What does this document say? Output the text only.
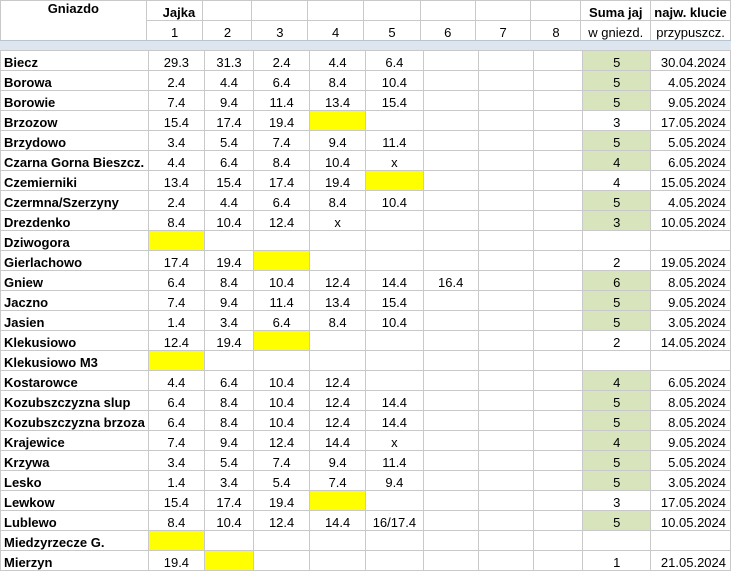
Gniazdo	Jajka								Suma jaj	najw. klucie
	1	2	3	4	5	6	7	8	w gniezd.	przypuszcz.
Biecz	29.3	31.3	2.4	4.4	6.4				5	30.04.2024
Borowa	2.4	4.4	6.4	8.4	10.4				5	4.05.2024
Borowie	7.4	9.4	11.4	13.4	15.4				5	9.05.2024
Brzozow	15.4	17.4	19.4						3	17.05.2024
Brzydowo	3.4	5.4	7.4	9.4	11.4				5	5.05.2024
Czarna Gorna Bieszcz.	4.4	6.4	8.4	10.4	x				4	6.05.2024
Czemierniki	13.4	15.4	17.4	19.4					4	15.05.2024
Czermna/Szerzyny	2.4	4.4	6.4	8.4	10.4				5	4.05.2024
Drezdenko	8.4	10.4	12.4	x					3	10.05.2024
Dziwogora										
Gierlachowo	17.4	19.4							2	19.05.2024
Gniew	6.4	8.4	10.4	12.4	14.4	16.4			6	8.05.2024
Jaczno	7.4	9.4	11.4	13.4	15.4				5	9.05.2024
Jasien	1.4	3.4	6.4	8.4	10.4				5	3.05.2024
Klekusiowo	12.4	19.4							2	14.05.2024
Klekusiowo M3										
Kostarowce	4.4	6.4	10.4	12.4					4	6.05.2024
Kozubszczyzna slup	6.4	8.4	10.4	12.4	14.4				5	8.05.2024
Kozubszczyzna brzoza	6.4	8.4	10.4	12.4	14.4				5	8.05.2024
Krajewice	7.4	9.4	12.4	14.4	x				4	9.05.2024
Krzywa	3.4	5.4	7.4	9.4	11.4				5	5.05.2024
Lesko	1.4	3.4	5.4	7.4	9.4				5	3.05.2024
Lewkow	15.4	17.4	19.4						3	17.05.2024
Lublewo	8.4	10.4	12.4	14.4	16/17.4				5	10.05.2024
Miedzyrzecze G.										
Mierzyn	19.4								1	21.05.2024
